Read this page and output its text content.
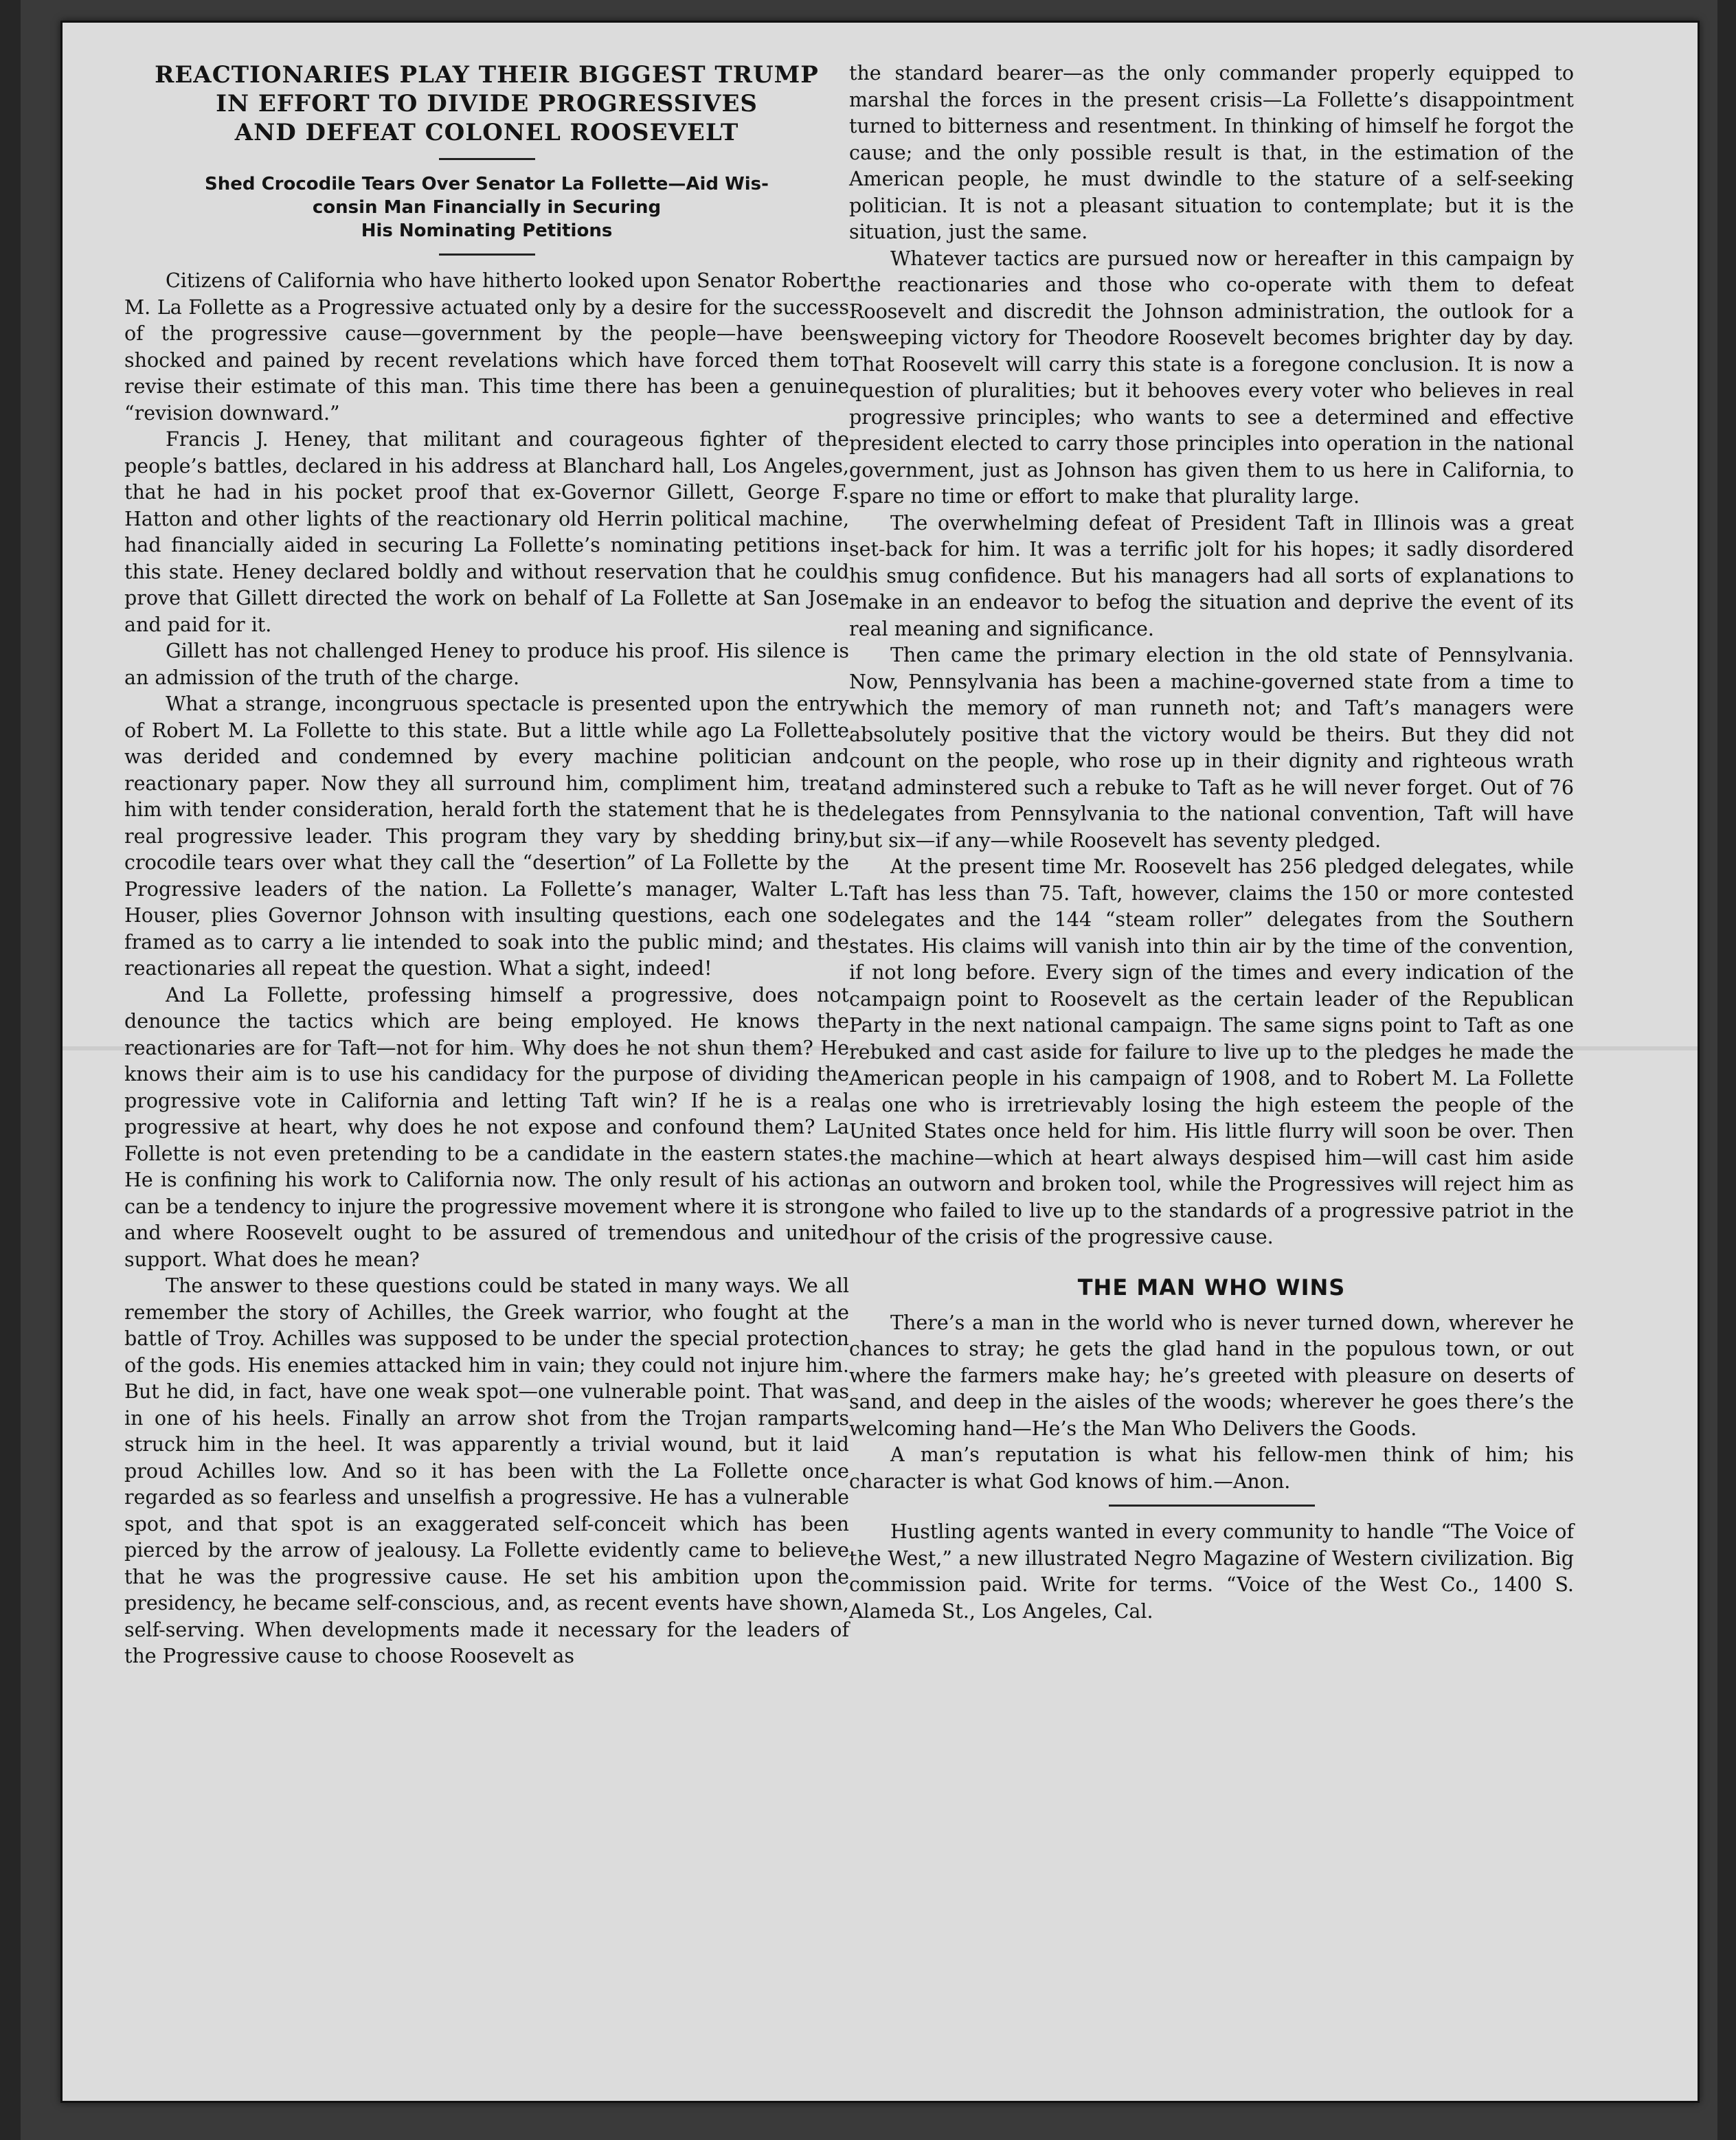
REACTIONARIES PLAY THEIR BIGGEST TRUMP
IN EFFORT TO DIVIDE PROGRESSIVES
AND DEFEAT COLONEL ROOSEVELT
Shed Crocodile Tears Over Senator La Follette—Aid Wis-
consin Man Financially in Securing
His Nominating Petitions

Citizens of California who have hitherto looked upon Senator Robert M. La Follette as a Progressive actuated only by a desire for the success of the progressive cause—government by the people—have been shocked and pained by recent revelations which have forced them to revise their estimate of this man. This time there has been a genuine “revision downward.”

Francis J. Heney, that militant and courageous fighter of the people’s battles, declared in his address at Blanchard hall, Los Angeles, that he had in his pocket proof that ex-Governor Gillett, George F. Hatton and other lights of the reactionary old Herrin political machine, had financially aided in securing La Follette’s nominating petitions in this state. Heney declared boldly and without reservation that he could prove that Gillett directed the work on behalf of La Follette at San Jose and paid for it.

Gillett has not challenged Heney to produce his proof. His silence is an admission of the truth of the charge.

What a strange, incongruous spectacle is presented upon the entry of Robert M. La Follette to this state. But a little while ago La Follette was derided and condemned by every machine politician and reactionary paper. Now they all surround him, compliment him, treat him with tender consideration, herald forth the statement that he is the real progressive leader. This program they vary by shedding briny, crocodile tears over what they call the “desertion” of La Follette by the Progressive leaders of the nation. La Follette’s manager, Walter L. Houser, plies Governor Johnson with insulting questions, each one so framed as to carry a lie intended to soak into the public mind; and the reactionaries all repeat the question. What a sight, indeed!

And La Follette, professing himself a progressive, does not denounce the tactics which are being employed. He knows the reactionaries are for Taft—not for him. Why does he not shun them? He knows their aim is to use his candidacy for the purpose of dividing the progressive vote in California and letting Taft win? If he is a real progressive at heart, why does he not expose and confound them? La Follette is not even pretending to be a candidate in the eastern states. He is confining his work to California now. The only result of his action can be a tendency to injure the progressive movement where it is strong and where Roosevelt ought to be assured of tremendous and united support. What does he mean?

The answer to these questions could be stated in many ways. We all remember the story of Achilles, the Greek warrior, who fought at the battle of Troy. Achilles was supposed to be under the special protection of the gods. His enemies attacked him in vain; they could not injure him. But he did, in fact, have one weak spot—one vulnerable point. That was in one of his heels. Finally an arrow shot from the Trojan ramparts struck him in the heel. It was apparently a trivial wound, but it laid proud Achilles low. And so it has been with the La Follette once regarded as so fearless and unselfish a progressive. He has a vulnerable spot, and that spot is an exaggerated self-conceit which has been pierced by the arrow of jealousy. La Follette evidently came to believe that he was the progressive cause. He set his ambition upon the presidency, he became self-conscious, and, as recent events have shown, self-serving. When developments made it necessary for the leaders of the Progressive cause to choose Roosevelt as

the standard bearer—as the only commander properly equipped to marshal the forces in the present crisis—La Follette’s disappointment turned to bitterness and resentment. In thinking of himself he forgot the cause; and the only possible result is that, in the estimation of the American people, he must dwindle to the stature of a self-seeking politician. It is not a pleasant situation to contemplate; but it is the situation, just the same.

Whatever tactics are pursued now or hereafter in this campaign by the reactionaries and those who co-operate with them to defeat Roosevelt and discredit the Johnson administration, the outlook for a sweeping victory for Theodore Roosevelt becomes brighter day by day. That Roosevelt will carry this state is a foregone conclusion. It is now a question of pluralities; but it behooves every voter who believes in real progressive principles; who wants to see a determined and effective president elected to carry those principles into operation in the national government, just as Johnson has given them to us here in California, to spare no time or effort to make that plurality large.

The overwhelming defeat of President Taft in Illinois was a great set-back for him. It was a terrific jolt for his hopes; it sadly disordered his smug confidence. But his managers had all sorts of explanations to make in an endeavor to befog the situation and deprive the event of its real meaning and significance.

Then came the primary election in the old state of Pennsylvania. Now, Pennsylvania has been a machine-governed state from a time to which the memory of man runneth not; and Taft’s managers were absolutely positive that the victory would be theirs. But they did not count on the people, who rose up in their dignity and righteous wrath and adminstered such a rebuke to Taft as he will never forget. Out of 76 delegates from Pennsylvania to the national convention, Taft will have but six—if any—while Roosevelt has seventy pledged.

At the present time Mr. Roosevelt has 256 pledged delegates, while Taft has less than 75. Taft, however, claims the 150 or more contested delegates and the 144 “steam roller” delegates from the Southern states. His claims will vanish into thin air by the time of the convention, if not long before. Every sign of the times and every indication of the campaign point to Roosevelt as the certain leader of the Republican Party in the next national campaign. The same signs point to Taft as one rebuked and cast aside for failure to live up to the pledges he made the American people in his campaign of 1908, and to Robert M. La Follette as one who is irretrievably losing the high esteem the people of the United States once held for him. His little flurry will soon be over. Then the machine—which at heart always despised him—will cast him aside as an outworn and broken tool, while the Progressives will reject him as one who failed to live up to the standards of a progressive patriot in the hour of the crisis of the progressive cause.

THE MAN WHO WINS

There’s a man in the world who is never turned down, wherever he chances to stray; he gets the glad hand in the populous town, or out where the farmers make hay; he’s greeted with pleasure on deserts of sand, and deep in the aisles of the woods; wherever he goes there’s the welcoming hand—He’s the Man Who Delivers the Goods.

A man’s reputation is what his fellow-men think of him; his character is what God knows of him.—Anon.

Hustling agents wanted in every community to handle “The Voice of the West,” a new illustrated Negro Magazine of Western civilization. Big commission paid. Write for terms. “Voice of the West Co., 1400 S. Alameda St., Los Angeles, Cal.
